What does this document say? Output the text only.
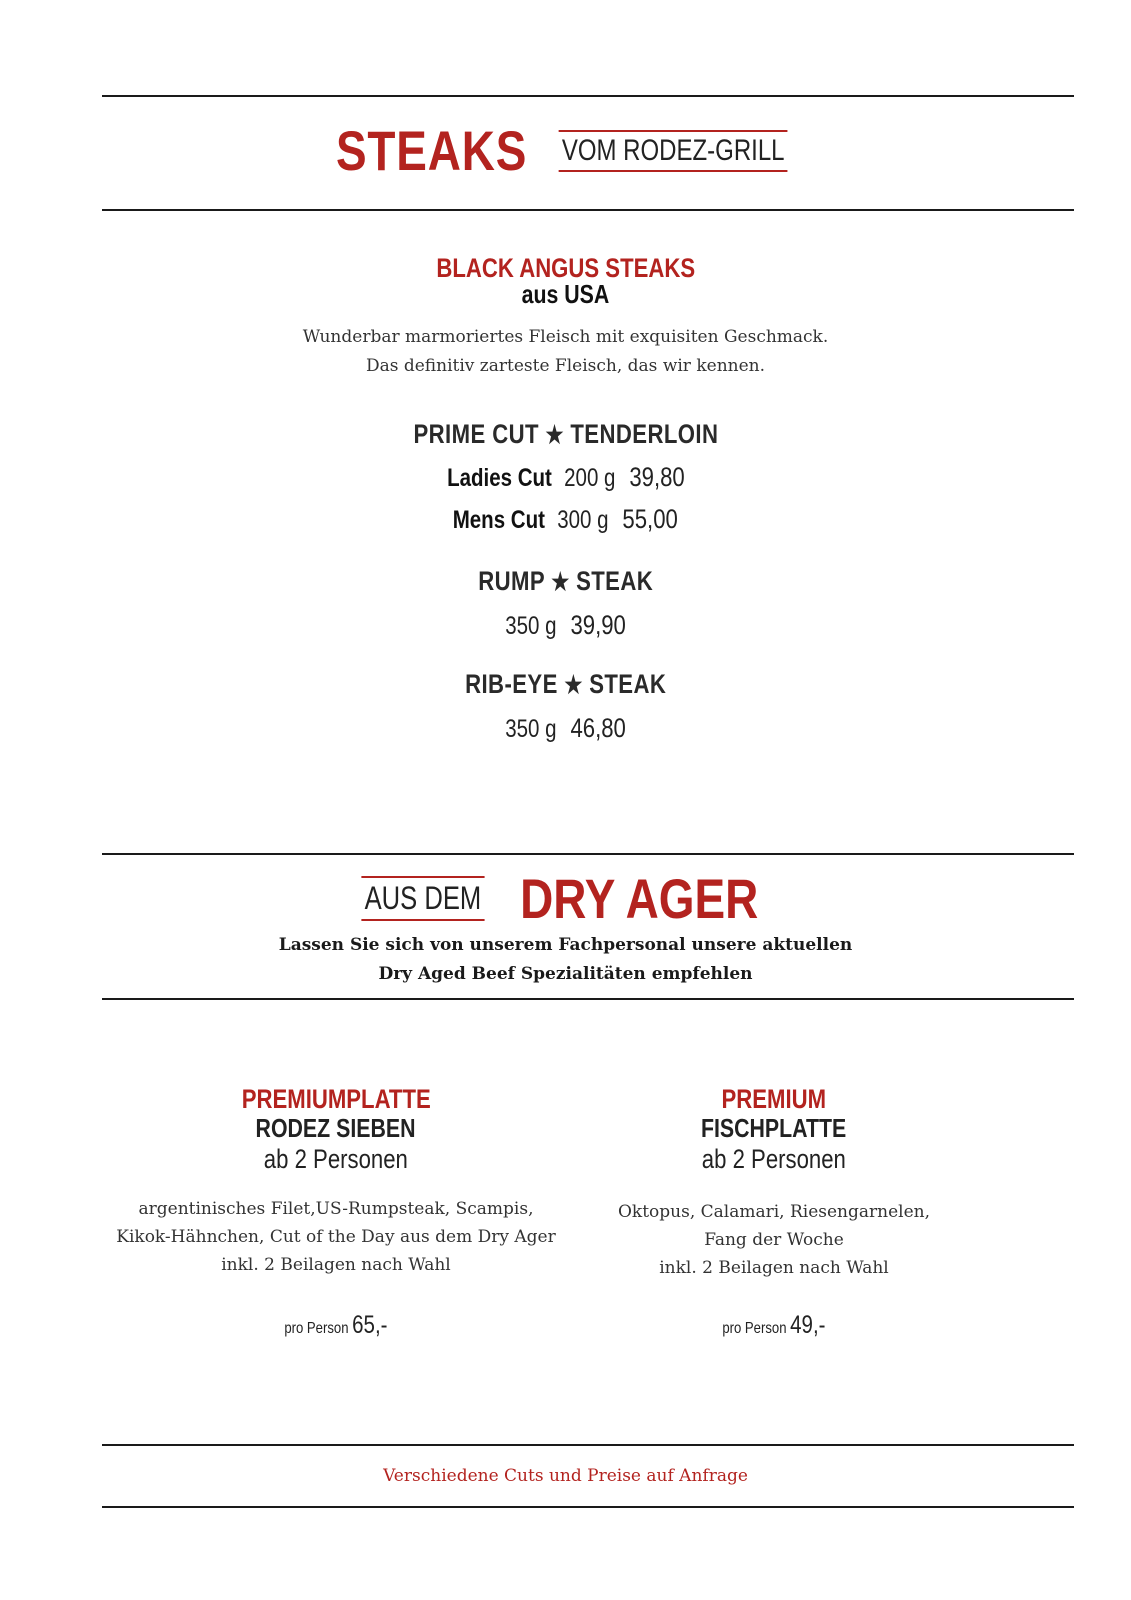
STEAKS VOM RODEZ-GRILL
BLACK ANGUS STEAKS
aus USA
Wunderbar marmoriertes Fleisch mit exquisiten Geschmack.
Das definitiv zarteste Fleisch, das wir kennen.
PRIME CUT ★ TENDERLOIN
Ladies Cut 200 g 39,80
Mens Cut 300 g 55,00
RUMP ★ STEAK
350 g 39,90
RIB-EYE ★ STEAK
350 g 46,80
AUS DEM DRY AGER
Lassen Sie sich von unserem Fachpersonal unsere aktuellen
Dry Aged Beef Spezialitäten empfehlen
PREMIUMPLATTE
RODEZ SIEBEN
ab 2 Personen
argentinisches Filet,US-Rumpsteak, Scampis,
Kikok-Hähnchen, Cut of the Day aus dem Dry Ager
inkl. 2 Beilagen nach Wahl
pro Person 65,-
PREMIUM
FISCHPLATTE
ab 2 Personen
Oktopus, Calamari, Riesengarnelen,
Fang der Woche
inkl. 2 Beilagen nach Wahl
pro Person 49,-
Verschiedene Cuts und Preise auf Anfrage
